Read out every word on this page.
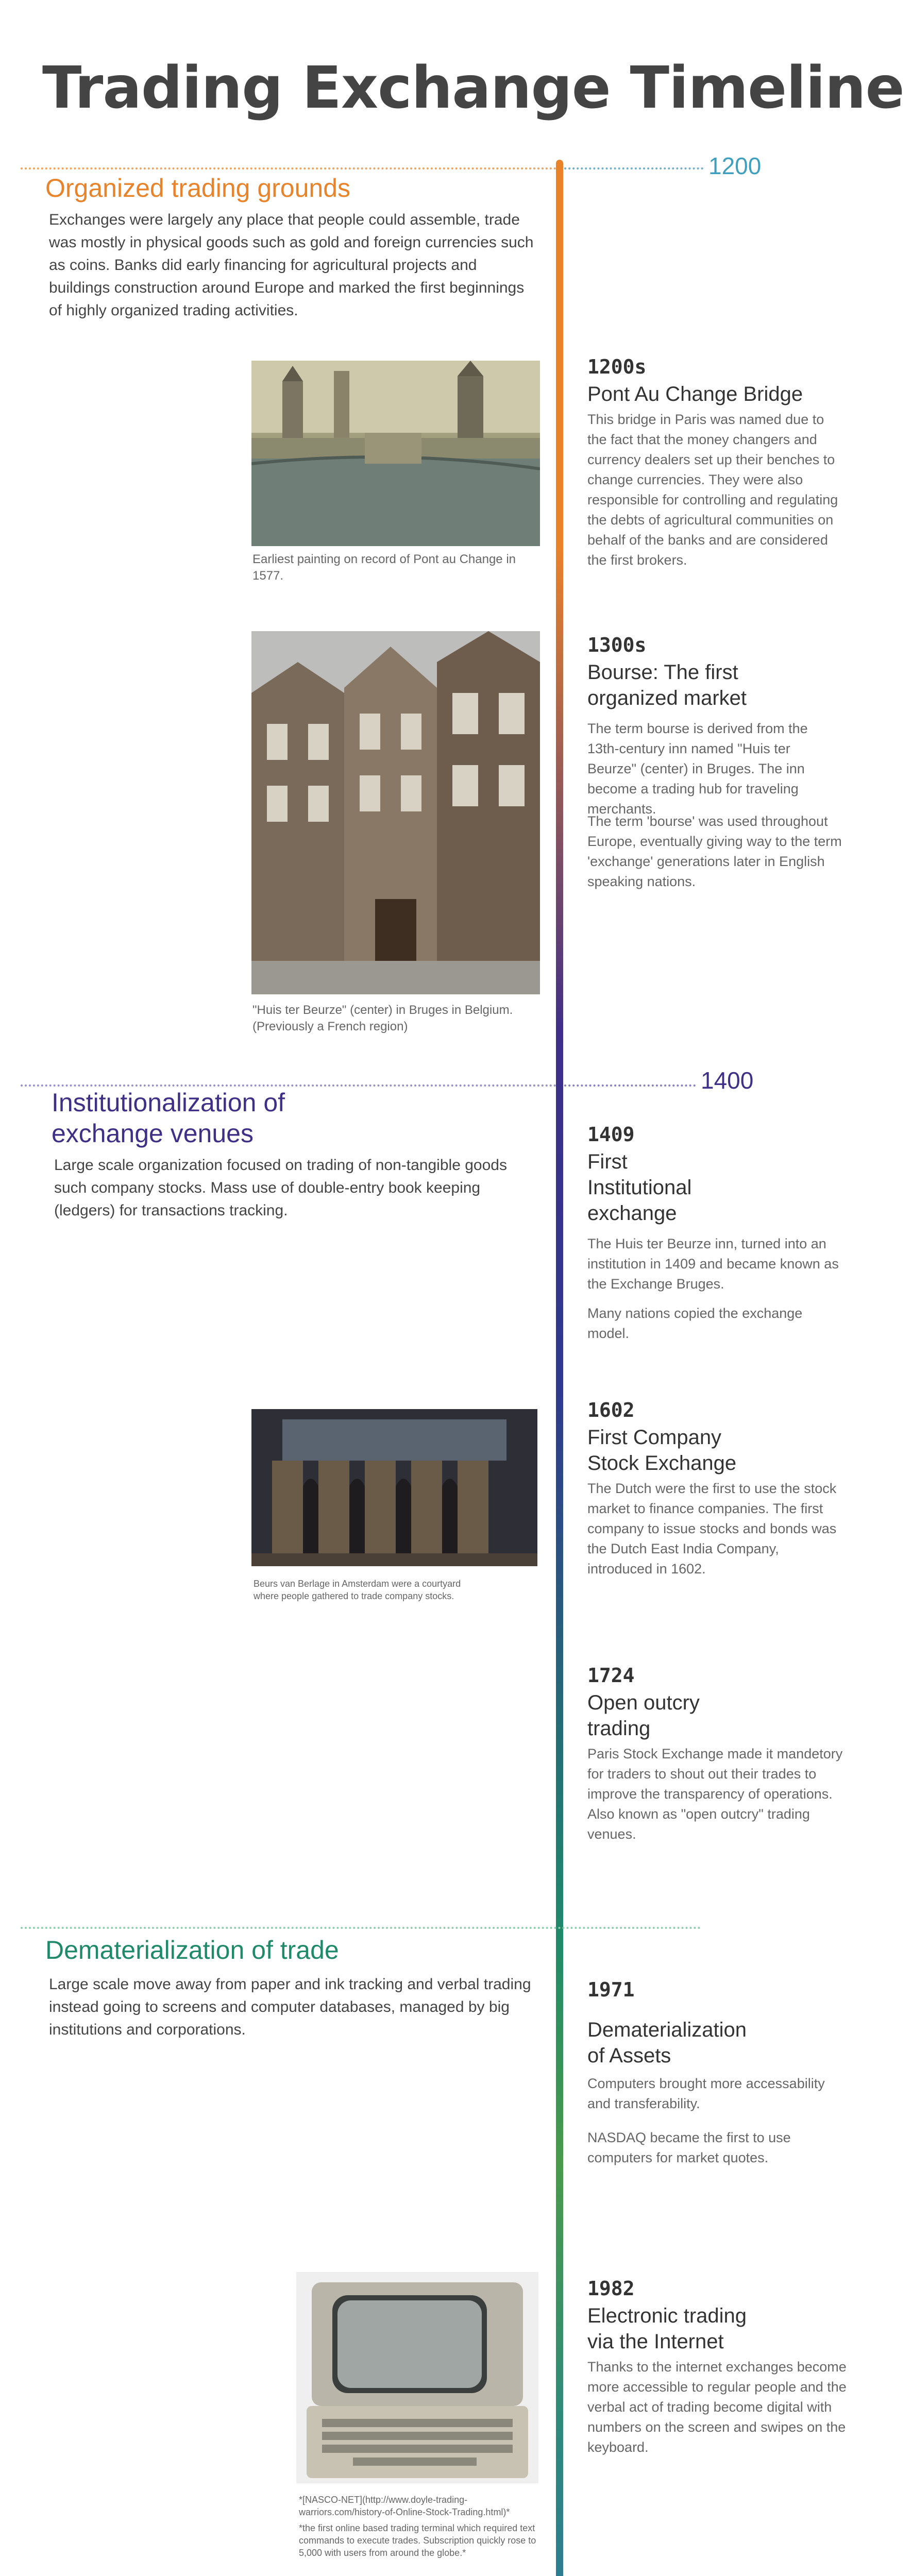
Trading Exchange Timeline
1200
Organized trading grounds
Exchanges were largely any place that people could assemble, trade was mostly in physical goods such as gold and foreign currencies such as coins. Banks did early financing for agricultural projects and buildings construction around Europe and marked the first beginnings of highly organized trading activities.
Earliest painting on record of Pont au Change in 1577.
1200s
Pont Au Change Bridge
This bridge in Paris was named due to the fact that the money changers and currency dealers set up their benches to change currencies. They were also responsible for controlling and regulating the debts of agricultural communities on behalf of the banks and are considered the first brokers.
"Huis ter Beurze" (center) in Bruges in Belgium. (Previously a French region)
1300s
Bourse: The first organized market
The term bourse is derived from the 13th-century inn named "Huis ter Beurze" (center) in Bruges. The inn become a trading hub for traveling merchants.
The term 'bourse' was used throughout Europe, eventually giving way to the term 'exchange' generations later in English speaking nations.
1400
Institutionalization of exchange venues
Large scale organization focused on trading of non-tangible goods such company stocks. Mass use of double-entry book keeping (ledgers) for transactions tracking.
1409
First Institutional exchange
The Huis ter Beurze inn, turned into an institution in 1409 and became known as the Exchange Bruges.
Many nations copied the exchange model.
Beurs van Berlage in Amsterdam were a courtyard where people gathered to trade company stocks.
1602
First Company Stock Exchange
The Dutch were the first to use the stock market to finance companies. The first company to issue stocks and bonds was the Dutch East India Company, introduced in 1602.
1724
Open outcry trading
Paris Stock Exchange made it mandetory for traders to shout out their trades to improve the transparency of operations. Also known as "open outcry" trading venues.
Dematerialization of trade
Large scale move away from paper and ink tracking and verbal trading instead going to screens and computer databases, managed by big institutions and corporations.
1971
Dematerialization of Assets
Computers brought more accessability and transferability.
NASDAQ became the first to use computers for market quotes.
*[NASCO-NET](http://www.doyle-trading-warriors.com/history-of-Online-Stock-Trading.html)*
*the first online based trading terminal which required text commands to execute trades. Subscription quickly rose to 5,000 with users from around the globe.*
1982
Electronic trading via the Internet
Thanks to the internet exchanges become more accessible to regular people and the verbal act of trading become digital with numbers on the screen and swipes on the keyboard.
